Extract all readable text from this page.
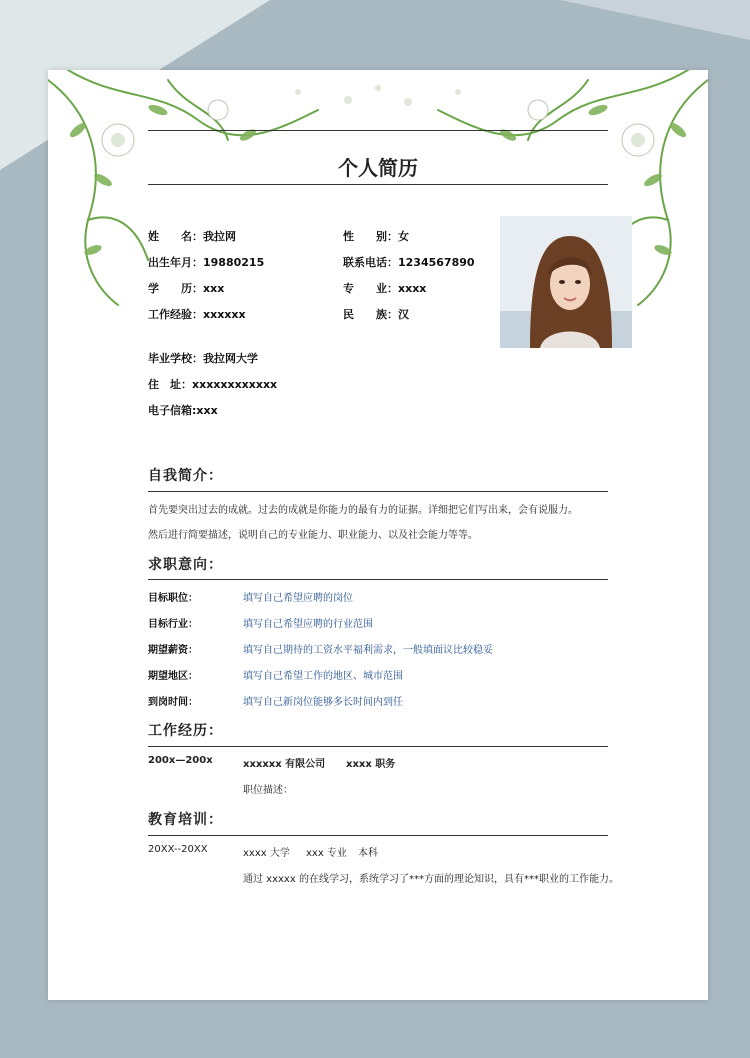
个人简历
姓　　名：我拉网	性　　别：女
出生年月：19880215	联系电话：1234567890
学　　历：xxx	专　　业：xxxx
工作经验：xxxxxx	民　　族：汉
毕业学校：我拉网大学
住　址：xxxxxxxxxxxx
电子信箱:xxx
自我简介：
首先要突出过去的成就。过去的成就是你能力的最有力的证据。详细把它们写出来，会有说服力。
然后进行简要描述，说明自己的专业能力、职业能力、以及社会能力等等。
求职意向：
目标职位：	填写自己希望应聘的岗位
目标行业：	填写自己希望应聘的行业范围
期望薪资：	填写自己期待的工资水平福利需求，一般填面议比较稳妥
期望地区：	填写自己希望工作的地区、城市范围
到岗时间：	填写自己新岗位能够多长时间内到任
工作经历：
200x—200x	xxxxxx 有限公司 xxxx 职务
职位描述：
教育培训：
20XX--20XX	xxxx 大学 xxx 专业 本科
通过 xxxxx 的在线学习，系统学习了***方面的理论知识，具有***职业的工作能力。
